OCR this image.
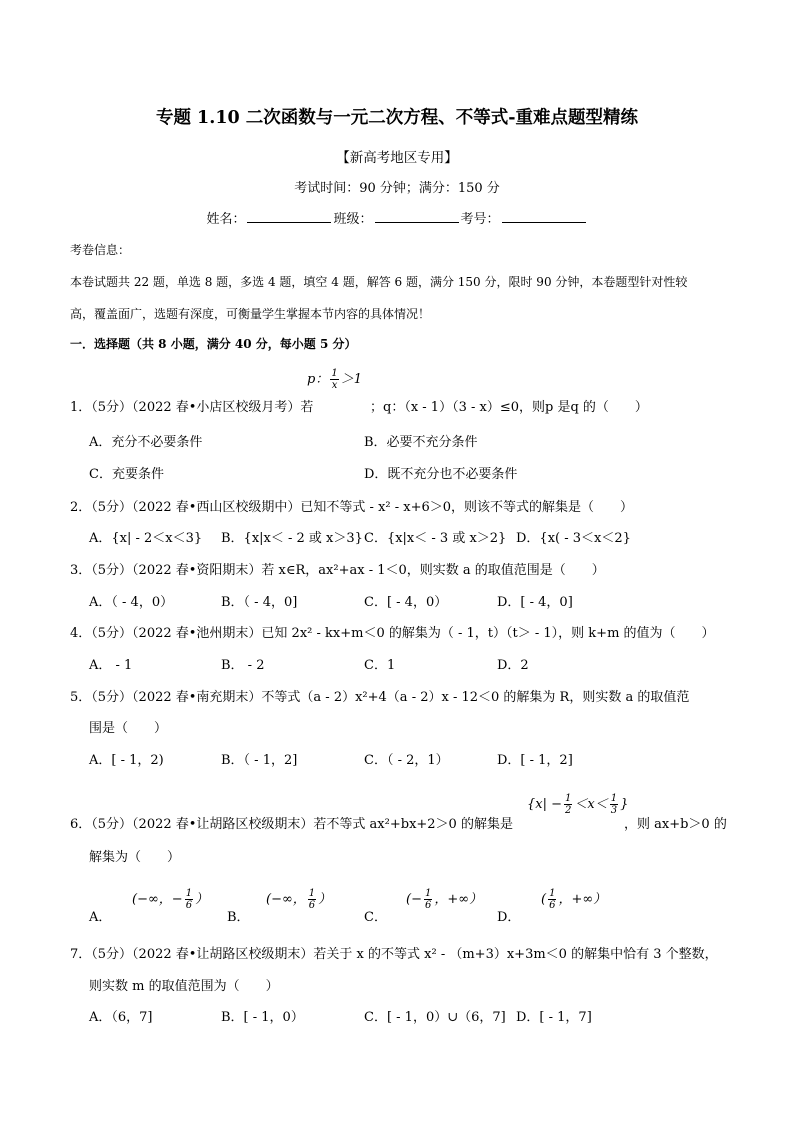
专题 1.10 二次函数与一元二次方程、不等式-重难点题型精练
【新高考地区专用】
考试时间：90 分钟；满分：150 分
姓名：	班级：	考号：
考卷信息：
本卷试题共 22 题，单选 8 题，多选 4 题，填空 4 题，解答 6 题，满分 150 分，限时 90 分钟，本卷题型针对性较
高，覆盖面广，选题有深度，可衡量学生掌握本节内容的具体情况！
一．选择题（共 8 小题，满分 40 分，每小题 5 分）
1．（5分）（2022 春•小店区校级月考）若
p： $\frac{1}{x} >1$
；q：（x - 1）（3 - x）≤0，则p 是q 的（　　）
A．充分不必要条件	B．必要不充分条件
C．充要条件	D．既不充分也不必要条件
2．（5分）（2022 春•西山区校级期中）已知不等式 - x² - x+6＞0，则该不等式的解集是（　　）
A．{x| - 2＜x＜3} B．{x|x＜ - 2 或 x＞3} C．{x|x＜ - 3 或 x＞2} D．{x( - 3＜x＜2}
3．（5分）（2022 春•资阳期末）若 x∈R，ax²+ax - 1＜0，则实数 a 的取值范围是（　　）
A．（ - 4，0）	B．（ - 4，0]	C．[ - 4，0）	D．[ - 4，0]
4．（5分）（2022 春•池州期末）已知 2x² - kx+m＜0 的解集为（ - 1，t）（t＞ - 1），则 k+m 的值为（　　）
A． - 1	B． - 2	C．1	D．2
5．（5分）（2022 春•南充期末）不等式（a - 2）x²+4（a - 2）x - 12＜0 的解集为 R，则实数 a 的取值范
围是（　　）
A．[ - 1，2)	B．（ - 1，2]	C．（ - 2，1）	D．[ - 1，2]
6．（5分）（2022 春•让胡路区校级期末）若不等式 ax²+bx+2＞0 的解集是
{$x| - \frac{1}{2} <x< \frac{1}{3}$ }
，则 ax+b＞0 的
解集为（　　）
A．
(−∞，− $\frac{1}{6}$ ）
B．
(−∞， $\frac{1}{6}$ ）
C．
(− $\frac{1}{6}$ ，+∞）
D．
( $\frac{1}{6}$ ，+∞）
7．（5分）（2022 春•让胡路区校级期末）若关于 x 的不等式 x² - （m+3）x+3m＜0 的解集中恰有 3 个整数，
则实数 m 的取值范围为（　　）
A．（6，7]	B．[ - 1，0）	C．[ - 1，0）∪（6，7] D．[ - 1，7]
